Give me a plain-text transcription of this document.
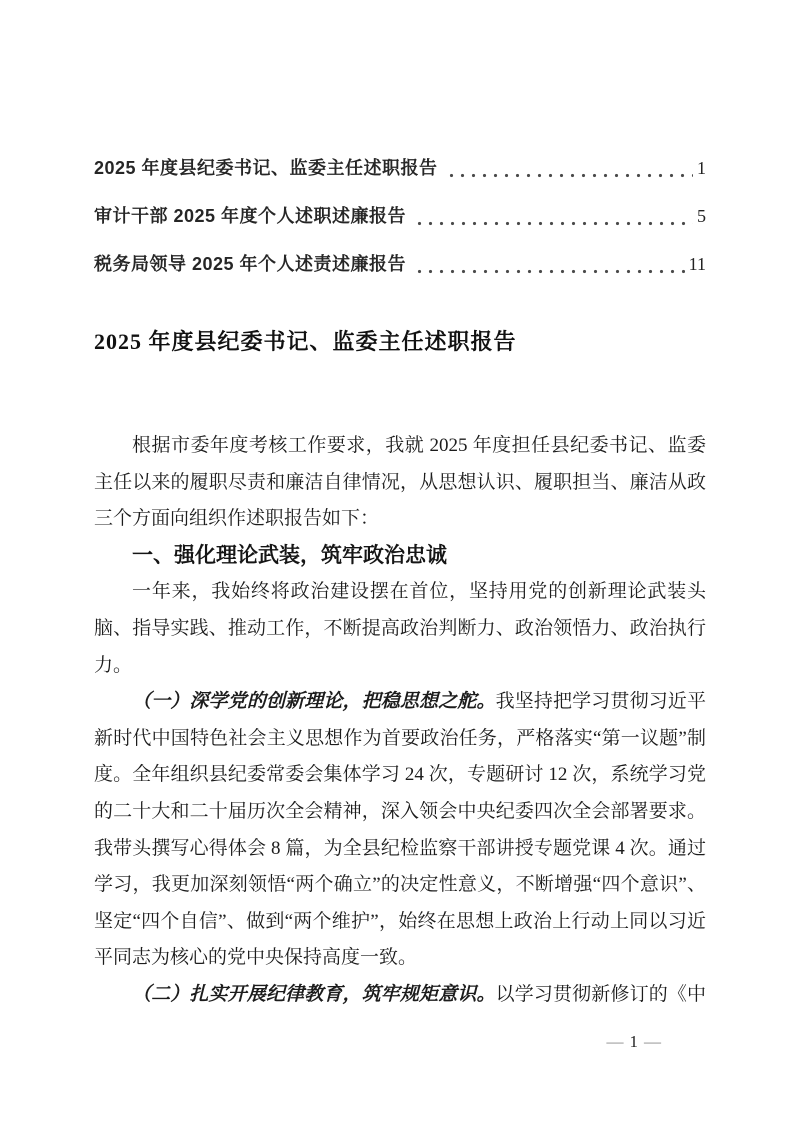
2025 年度县纪委书记、监委主任述职报告	1
审计干部 2025 年度个人述职述廉报告	5
税务局领导 2025 年个人述责述廉报告	11
2025 年度县纪委书记、监委主任述职报告

根据市委年度考核工作要求，我就 2025 年度担任县纪委书记、监委主任以来的履职尽责和廉洁自律情况，从思想认识、履职担当、廉洁从政三个方面向组织作述职报告如下：

一、强化理论武装，筑牢政治忠诚

一年来，我始终将政治建设摆在首位，坚持用党的创新理论武装头脑、指导实践、推动工作，不断提高政治判断力、政治领悟力、政治执行力。

（一）深学党的创新理论，把稳思想之舵。我坚持把学习贯彻习近平新时代中国特色社会主义思想作为首要政治任务，严格落实“第一议题”制度。全年组织县纪委常委会集体学习 24 次，专题研讨 12 次，系统学习党的二十大和二十届历次全会精神，深入领会中央纪委四次全会部署要求。我带头撰写心得体会 8 篇，为全县纪检监察干部讲授专题党课 4 次。通过学习，我更加深刻领悟“两个确立”的决定性意义，不断增强“四个意识”、坚定“四个自信”、做到“两个维护”，始终在思想上政治上行动上同以习近平同志为核心的党中央保持高度一致。

（二）扎实开展纪律教育，筑牢规矩意识。以学习贯彻新修订的《中

— 1 —
